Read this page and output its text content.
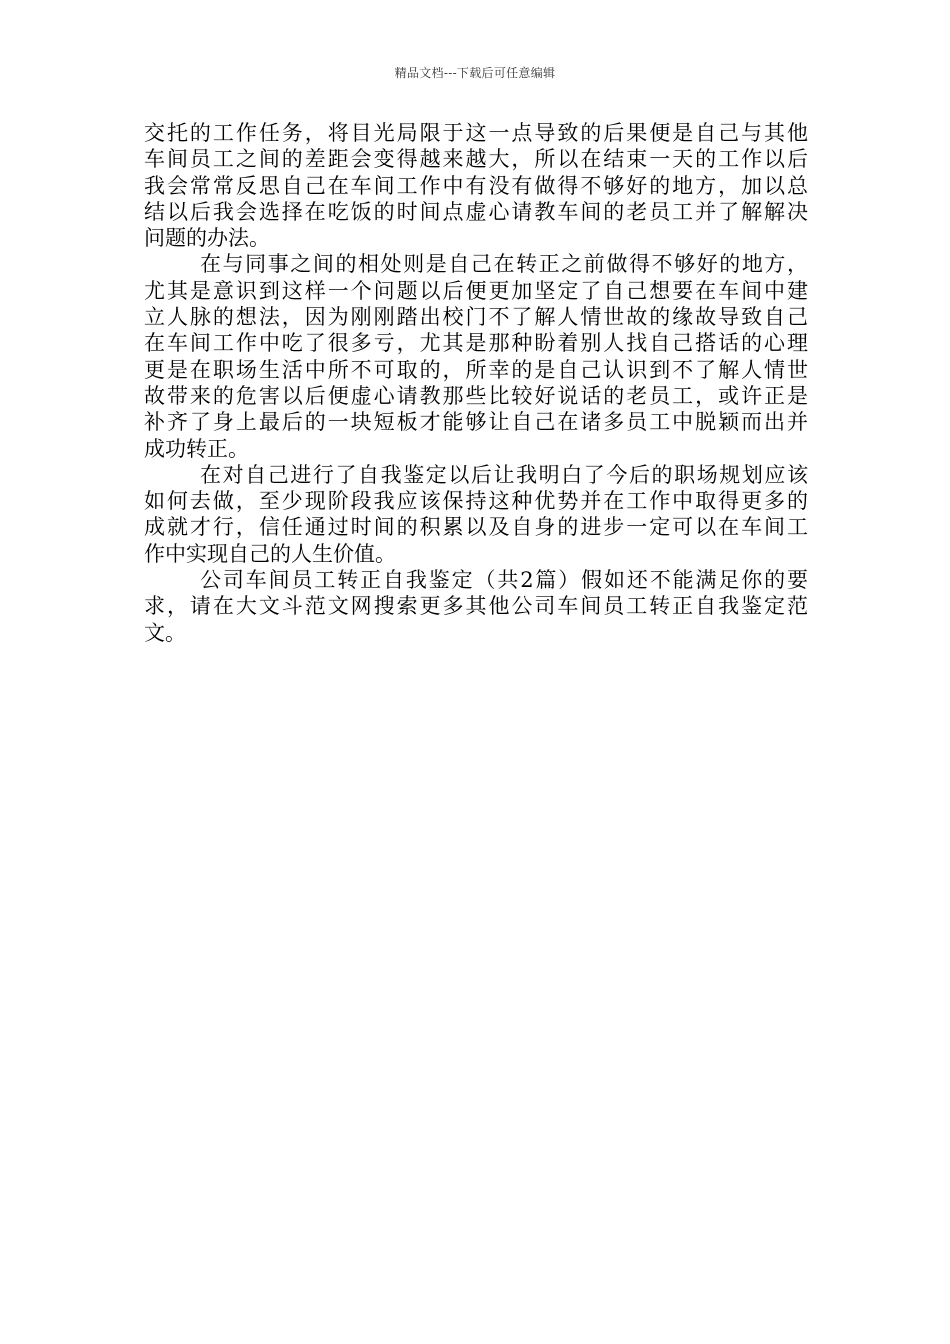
精品文档---下载后可任意编辑
交托的工作任务，将目光局限于这一点导致的后果便是自己与其他
车间员工之间的差距会变得越来越大，所以在结束一天的工作以后
我会常常反思自己在车间工作中有没有做得不够好的地方，加以总
结以后我会选择在吃饭的时间点虚心请教车间的老员工并了解解决
问题的办法。
在与同事之间的相处则是自己在转正之前做得不够好的地方，
尤其是意识到这样一个问题以后便更加坚定了自己想要在车间中建
立人脉的想法，因为刚刚踏出校门不了解人情世故的缘故导致自己
在车间工作中吃了很多亏，尤其是那种盼着别人找自己搭话的心理
更是在职场生活中所不可取的，所幸的是自己认识到不了解人情世
故带来的危害以后便虚心请教那些比较好说话的老员工，或许正是
补齐了身上最后的一块短板才能够让自己在诸多员工中脱颖而出并
成功转正。
在对自己进行了自我鉴定以后让我明白了今后的职场规划应该
如何去做，至少现阶段我应该保持这种优势并在工作中取得更多的
成就才行，信任通过时间的积累以及自身的进步一定可以在车间工
作中实现自己的人生价值。
公司车间员工转正自我鉴定（共2篇）假如还不能满足你的要
求，请在大文斗范文网搜索更多其他公司车间员工转正自我鉴定范
文。
